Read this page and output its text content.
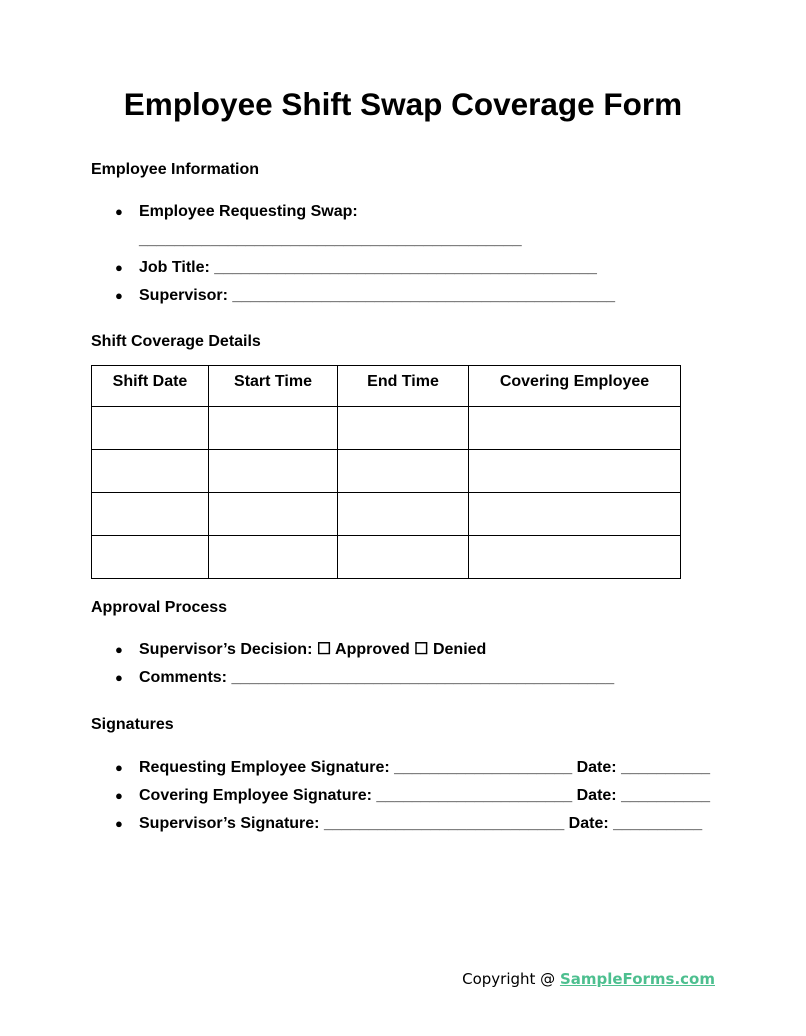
Employee Shift Swap Coverage Form
Employee Information
● Employee Requesting Swap:
___________________________________________
● Job Title: ___________________________________________
● Supervisor: ___________________________________________
Shift Coverage Details
Shift Date	Start Time	End Time	Covering Employee

Approval Process
● Supervisor’s Decision: ☐ Approved ☐ Denied
● Comments: ___________________________________________
Signatures
● Requesting Employee Signature: ____________________ Date: __________
● Covering Employee Signature: ______________________ Date: __________
● Supervisor’s Signature: ___________________________ Date: __________
Copyright @ SampleForms.com
